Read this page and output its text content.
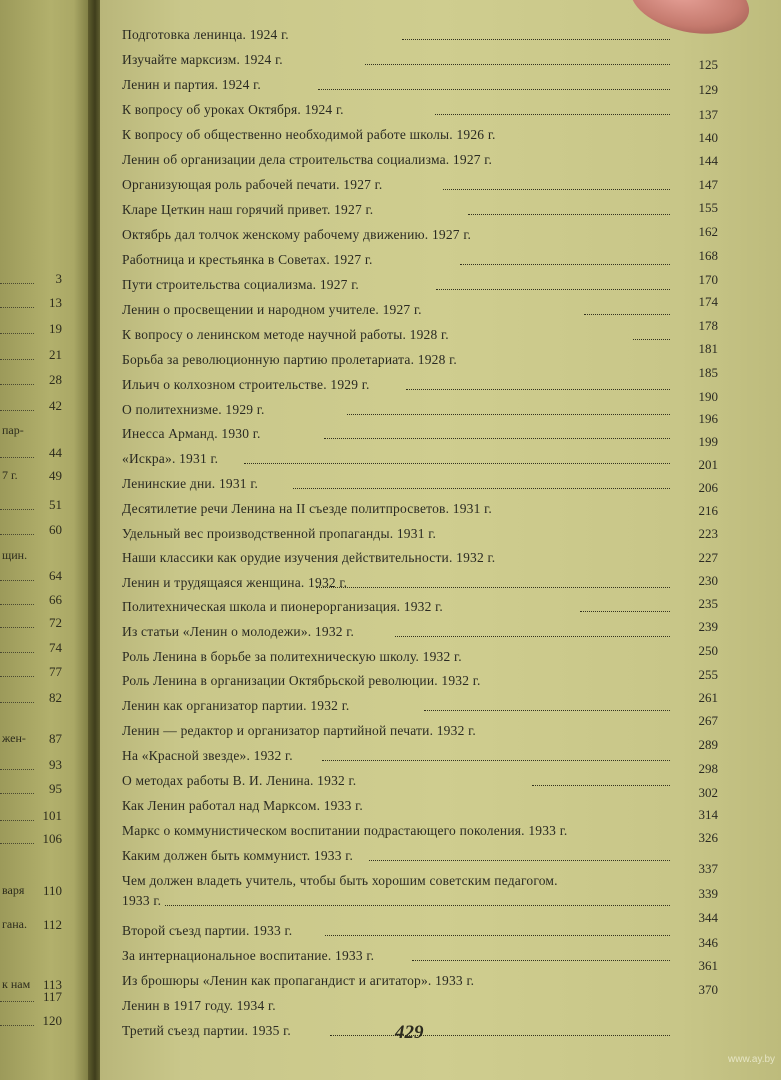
3
13
19
21
28
42
пар-
44
7 г. 49
51
60
щин.
64
66
72
74
77
82
жен- 87
93
95
101
106
варя 110
гана. 112
к нам 113
117
120
Подготовка ленинца. 1924 г.
Изучайте марксизм. 1924 г.
Ленин и партия. 1924 г.
К вопросу об уроках Октября. 1924 г.
К вопросу об общественно необходимой работе школы. 1926 г.
Ленин об организации дела строительства социализма. 1927 г.
Организующая роль рабочей печати. 1927 г.
Кларе Цеткин наш горячий привет. 1927 г.
Октябрь дал толчок женскому рабочему движению. 1927 г.
Работница и крестьянка в Советах. 1927 г.
Пути строительства социализма. 1927 г.
Ленин о просвещении и народном учителе. 1927 г.
К вопросу о ленинском методе научной работы. 1928 г.
Борьба за революционную партию пролетариата. 1928 г.
Ильич о колхозном строительстве. 1929 г.
О политехнизме. 1929 г.
Инесса Арманд. 1930 г.
«Искра». 1931 г.
Ленинские дни. 1931 г.
Десятилетие речи Ленина на II съезде политпросветов. 1931 г.
Удельный вес производственной пропаганды. 1931 г.
Наши классики как орудие изучения действительности. 1932 г.
Ленин и трудящаяся женщина. 1932 г.
Политехническая школа и пионерорганизация. 1932 г.
Из статьи «Ленин о молодежи». 1932 г.
Роль Ленина в борьбе за политехническую школу. 1932 г.
Роль Ленина в организации Октябрьской революции. 1932 г.
Ленин как организатор партии. 1932 г.
Ленин — редактор и организатор партийной печати. 1932 г.
На «Красной звезде». 1932 г.
О методах работы В. И. Ленина. 1932 г.
Как Ленин работал над Марксом. 1933 г.
Маркс о коммунистическом воспитании подрастающего поколения. 1933 г.
Каким должен быть коммунист. 1933 г.
Чем должен владеть учитель, чтобы быть хорошим советским педагогом.
1933 г.
Второй съезд партии. 1933 г.
За интернациональное воспитание. 1933 г.
Из брошюры «Ленин как пропагандист и агитатор». 1933 г.
Ленин в 1917 году. 1934 г.
Третий съезд партии. 1935 г.
125
129
137
140
144
147
155
162
168
170
174
178
181
185
190
196
199
201
206
216
223
227
230
235
239
250
255
261
267
289
298
302
314
326
337
339
344
346
361
370
429
www.ay.by
